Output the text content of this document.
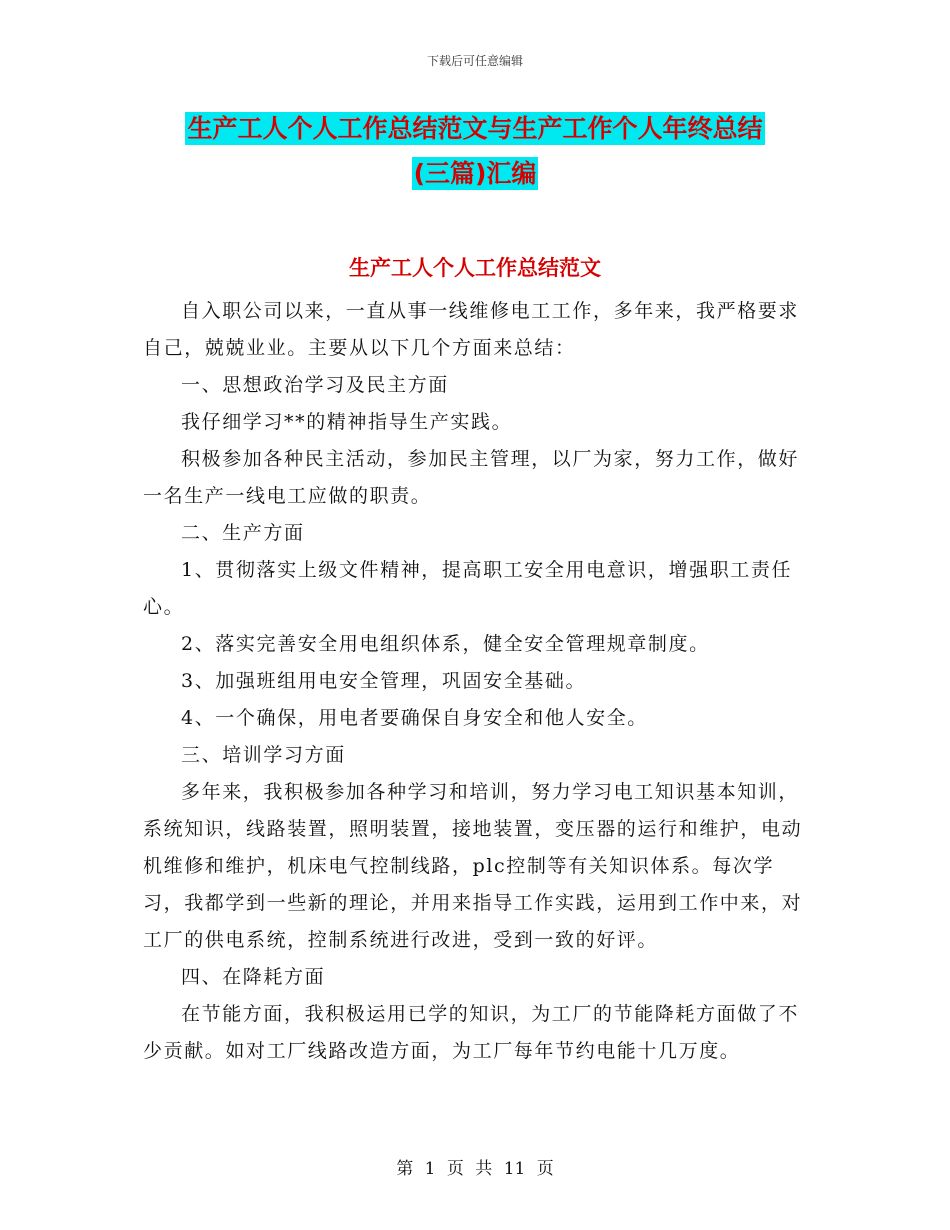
下载后可任意编辑
生产工人个人工作总结范文与生产工作个人年终总结
(三篇)汇编
生产工人个人工作总结范文

自入职公司以来，一直从事一线维修电工工作，多年来，我严格要求自己，兢兢业业。主要从以下几个方面来总结：

一、思想政治学习及民主方面

我仔细学习**的精神指导生产实践。

积极参加各种民主活动，参加民主管理，以厂为家，努力工作，做好一名生产一线电工应做的职责。

二、生产方面

1、贯彻落实上级文件精神，提高职工安全用电意识，增强职工责任心。

2、落实完善安全用电组织体系，健全安全管理规章制度。

3、加强班组用电安全管理，巩固安全基础。

4、一个确保，用电者要确保自身安全和他人安全。

三、培训学习方面

多年来，我积极参加各种学习和培训，努力学习电工知识基本知训，系统知识，线路装置，照明装置，接地装置，变压器的运行和维护，电动机维修和维护，机床电气控制线路，plc控制等有关知识体系。每次学习，我都学到一些新的理论，并用来指导工作实践，运用到工作中来，对工厂的供电系统，控制系统进行改进，受到一致的好评。

四、在降耗方面

在节能方面，我积极运用已学的知识，为工厂的节能降耗方面做了不少贡献。如对工厂线路改造方面，为工厂每年节约电能十几万度。

第 1 页 共 11 页
